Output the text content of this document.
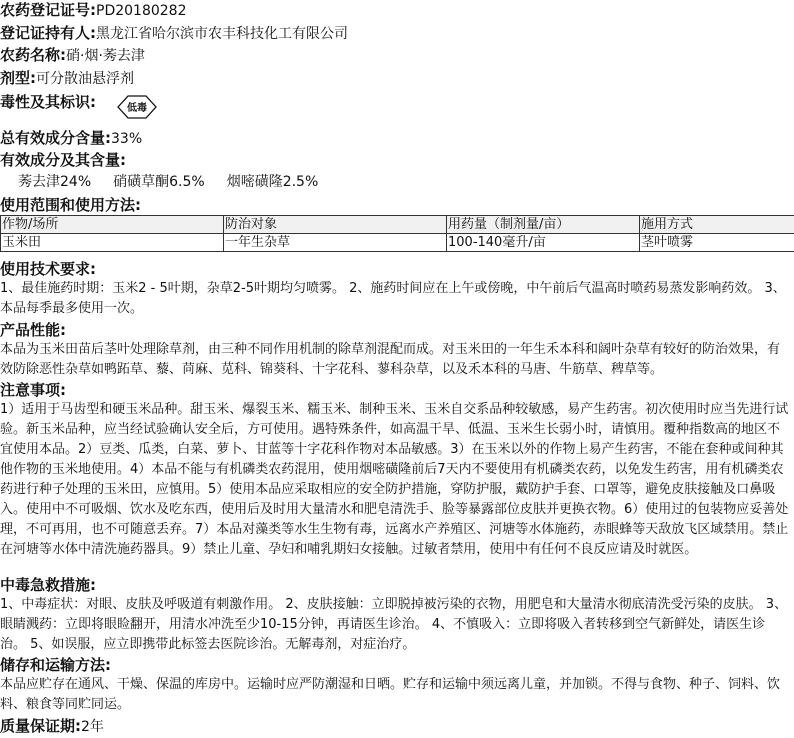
农药登记证号:PD20180282
登记证持有人:黑龙江省哈尔滨市农丰科技化工有限公司
农药名称:硝·烟·莠去津
剂型:可分散油悬浮剂
毒性及其标识:	低毒
总有效成分含量:33%
有效成分及其含量:
莠去津24% 硝磺草酮6.5% 烟嘧磺隆2.5%
使用范围和使用方法:
作物/场所	防治对象	用药量（制剂量/亩）	施用方式
玉米田	一年生杂草	100-140毫升/亩	茎叶喷雾
使用技术要求:
1、最佳施药时期：玉米2 - 5叶期，杂草2-5叶期均匀喷雾。 2、施药时间应在上午或傍晚，中午前后气温高时喷药易蒸发影响药效。 3、本品每季最多使用一次。
产品性能:
本品为玉米田苗后茎叶处理除草剂，由三种不同作用机制的除草剂混配而成。对玉米田的一年生禾本科和阔叶杂草有较好的防治效果，有效防除恶性杂草如鸭跖草、藜、苘麻、苋科、锦葵科、十字花科、蓼科杂草，以及禾本科的马唐、牛筋草、稗草等。
注意事项:
1）适用于马齿型和硬玉米品种。甜玉米、爆裂玉米、糯玉米、制种玉米、玉米自交系品种较敏感，易产生药害。初次使用时应当先进行试验。新玉米品种，应当经试验确认安全后，方可使用。遇特殊条件，如高温干旱、低温、玉米生长弱小时，请慎用。覆种指数高的地区不宜使用本品。2）豆类、瓜类，白菜、萝卜、甘蓝等十字花科作物对本品敏感。3）在玉米以外的作物上易产生药害，不能在套种或间种其他作物的玉米地使用。4）本品不能与有机磷类农药混用，使用烟嘧磺隆前后7天内不要使用有机磷类农药，以免发生药害，用有机磷类农药进行种子处理的玉米田，应慎用。5）使用本品应采取相应的安全防护措施，穿防护服，戴防护手套、口罩等，避免皮肤接触及口鼻吸入。使用中不可吸烟、饮水及吃东西，使用后及时用大量清水和肥皂清洗手、脸等暴露部位皮肤并更换衣物。6）使用过的包装物应妥善处理，不可再用，也不可随意丢弃。7）本品对藻类等水生生物有毒，远离水产养殖区、河塘等水体施药，赤眼蜂等天敌放飞区域禁用。禁止在河塘等水体中清洗施药器具。9）禁止儿童、孕妇和哺乳期妇女接触。过敏者禁用，使用中有任何不良反应请及时就医。
中毒急救措施:
1、中毒症状：对眼、皮肤及呼吸道有刺激作用。 2、皮肤接触：立即脱掉被污染的衣物，用肥皂和大量清水彻底清洗受污染的皮肤。 3、眼睛溅药：立即将眼睑翻开，用清水冲洗至少10-15分钟，再请医生诊治。 4、不慎吸入：立即将吸入者转移到空气新鲜处，请医生诊治。 5、如误服，应立即携带此标签去医院诊治。无解毒剂，对症治疗。
储存和运输方法:
本品应贮存在通风、干燥、保温的库房中。运输时应严防潮湿和日晒。贮存和运输中须远离儿童，并加锁。不得与食物、种子、饲料、饮料、粮食等同贮同运。
质量保证期:2年
